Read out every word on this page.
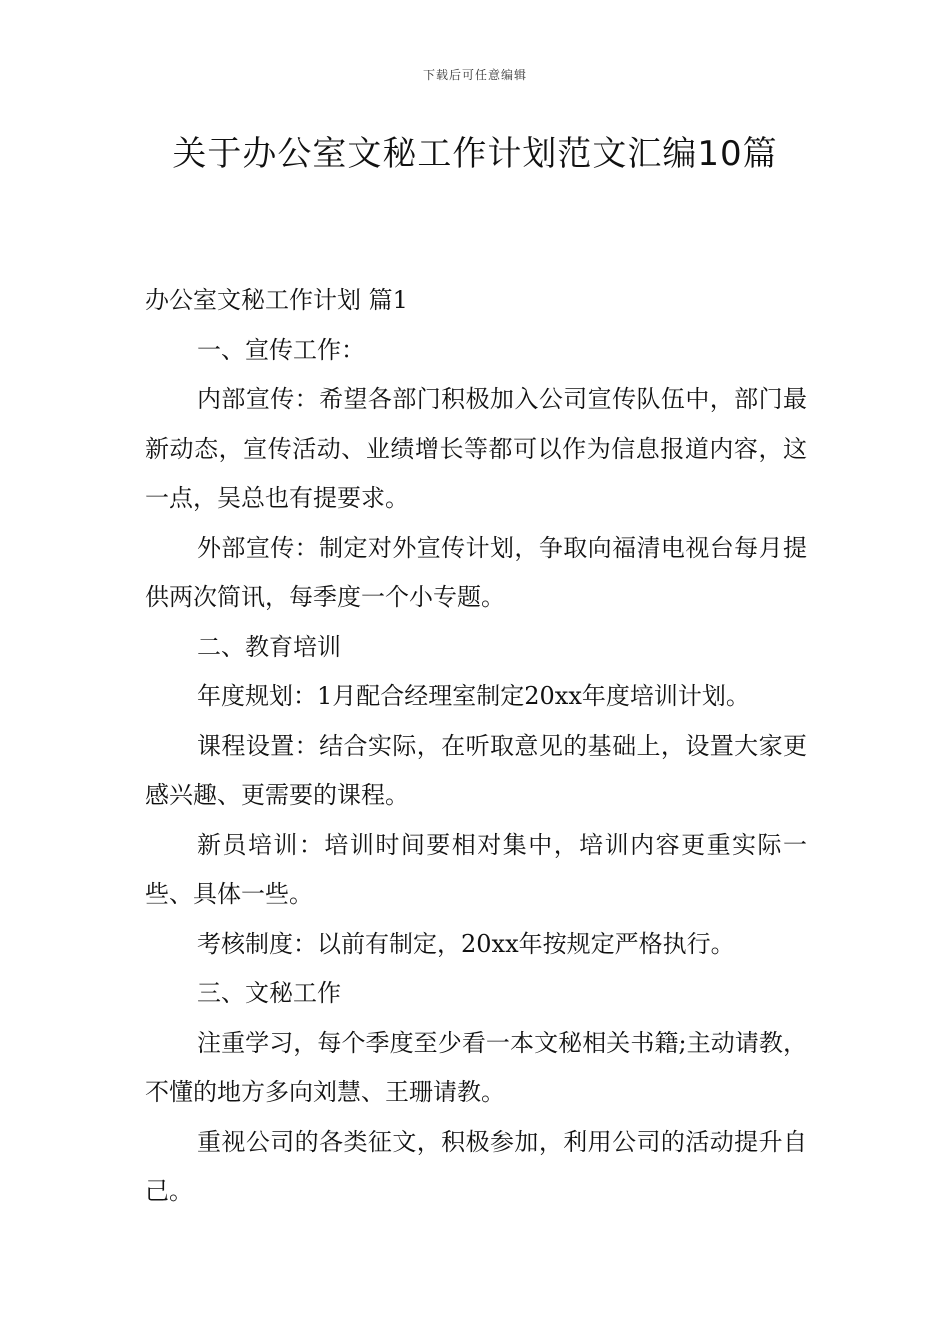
下载后可任意编辑
关于办公室文秘工作计划范文汇编10篇

办公室文秘工作计划 篇1

一、宣传工作：

内部宣传：希望各部门积极加入公司宣传队伍中，部门最新动态，宣传活动、业绩增长等都可以作为信息报道内容，这一点，吴总也有提要求。

外部宣传：制定对外宣传计划，争取向福清电视台每月提供两次简讯，每季度一个小专题。

二、教育培训

年度规划：1月配合经理室制定20xx年度培训计划。

课程设置：结合实际，在听取意见的基础上，设置大家更感兴趣、更需要的课程。

新员培训：培训时间要相对集中，培训内容更重实际一些、具体一些。

考核制度：以前有制定，20xx年按规定严格执行。

三、文秘工作

注重学习，每个季度至少看一本文秘相关书籍;主动请教，不懂的地方多向刘慧、王珊请教。

重视公司的各类征文，积极参加，利用公司的活动提升自己。
